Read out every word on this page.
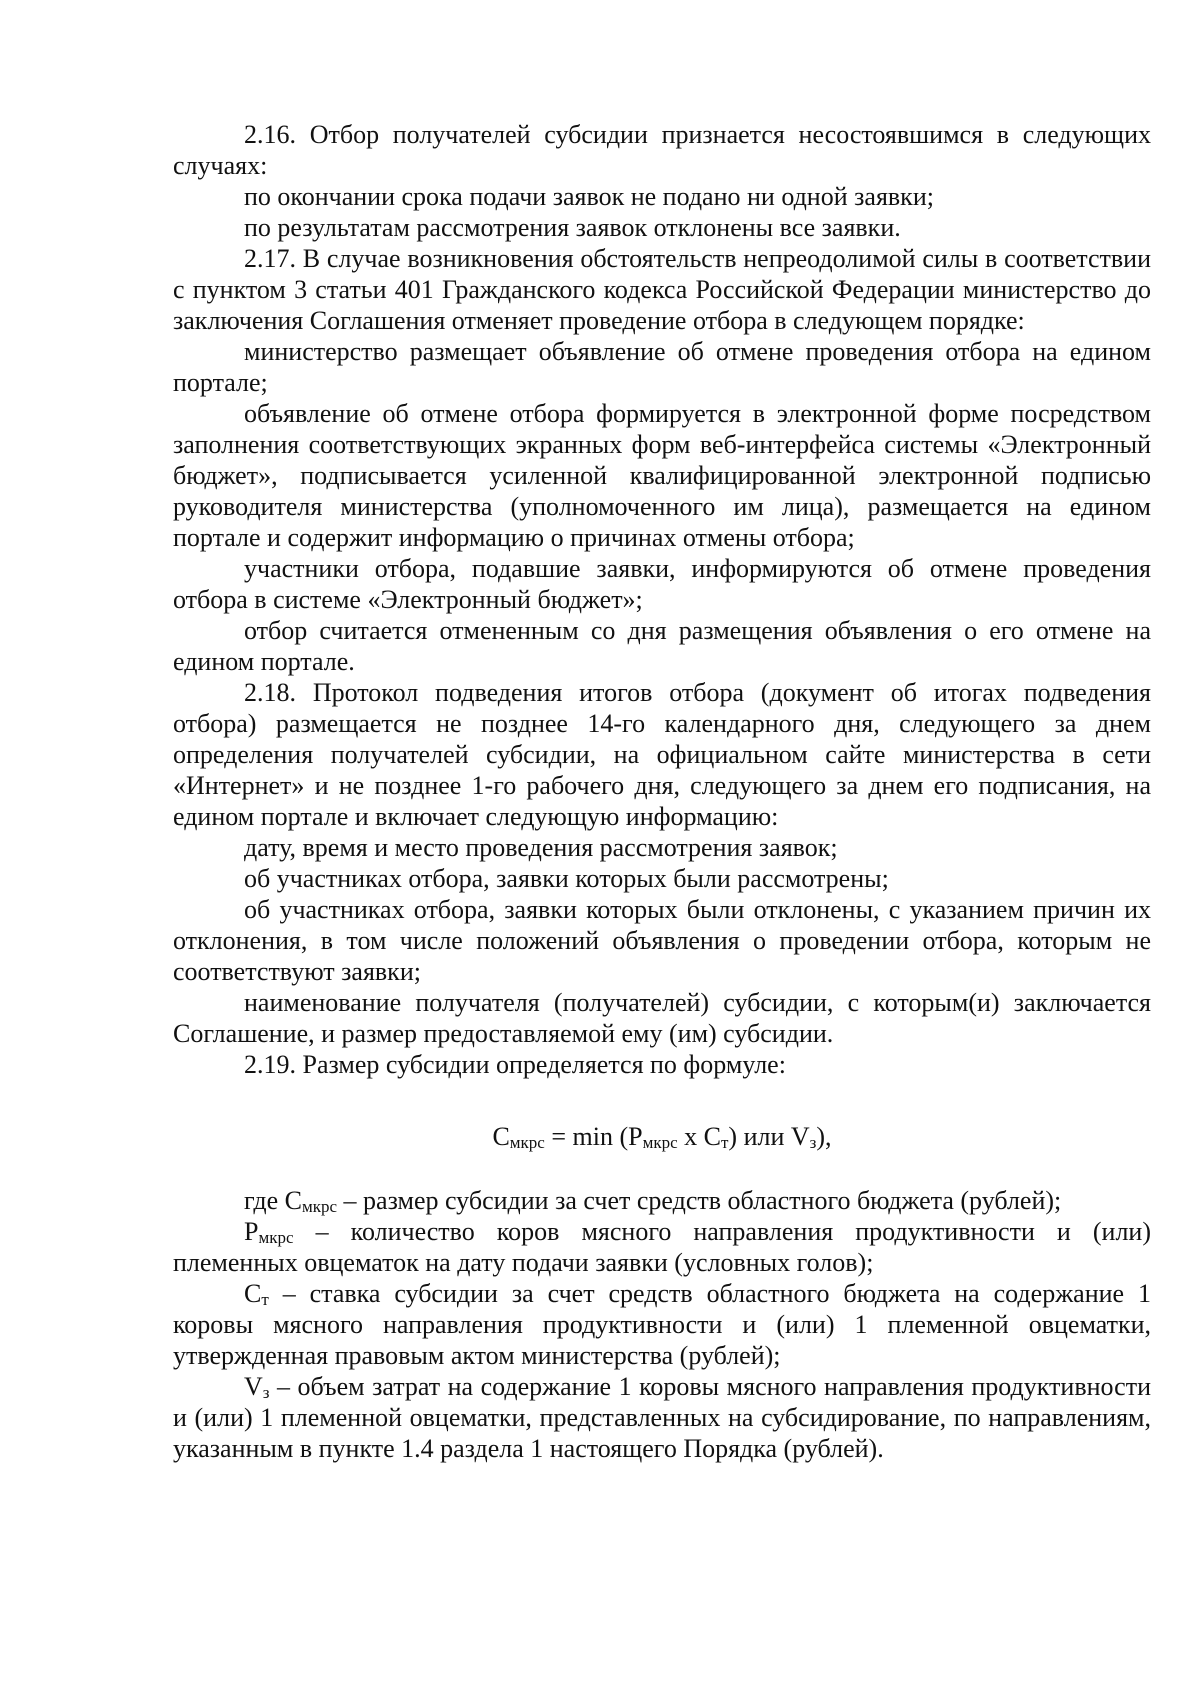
2.16. Отбор получателей субсидии признается несостоявшимся в следующих случаях:

по окончании срока подачи заявок не подано ни одной заявки;

по результатам рассмотрения заявок отклонены все заявки.

2.17. В случае возникновения обстоятельств непреодолимой силы в соответствии с пунктом 3 статьи 401 Гражданского кодекса Российской Федерации министерство до заключения Соглашения отменяет проведение отбора в следующем порядке:

министерство размещает объявление об отмене проведения отбора на едином портале;

объявление об отмене отбора формируется в электронной форме посредством заполнения соответствующих экранных форм веб-интерфейса системы «Электронный бюджет», подписывается усиленной квалифицированной электронной подписью руководителя министерства (уполномоченного им лица), размещается на едином портале и содержит информацию о причинах отмены отбора;

участники отбора, подавшие заявки, информируются об отмене проведения отбора в системе «Электронный бюджет»;

отбор считается отмененным со дня размещения объявления о его отмене на едином портале.

2.18. Протокол подведения итогов отбора (документ об итогах подведения отбора) размещается не позднее 14-го календарного дня, следующего за днем определения получателей субсидии, на официальном сайте министерства в сети «Интернет» и не позднее 1-го рабочего дня, следующего за днем его подписания, на едином портале и включает следующую информацию:

дату, время и место проведения рассмотрения заявок;

об участниках отбора, заявки которых были рассмотрены;

об участниках отбора, заявки которых были отклонены, с указанием причин их отклонения, в том числе положений объявления о проведении отбора, которым не соответствуют заявки;

наименование получателя (получателей) субсидии, с которым(и) заключается Соглашение, и размер предоставляемой ему (им) субсидии.

2.19. Размер субсидии определяется по формуле:

$С_{мкрс} = \min (Р_{мкрс}$ х $С_т$) или $V_з$),

где $С_{мкрс}$ – размер субсидии за счет средств областного бюджета (рублей);

$Р_{мкрс}$ – количество коров мясного направления продуктивности и (или) племенных овцематок на дату подачи заявки (условных голов);

$С_т$ – ставка субсидии за счет средств областного бюджета на содержание 1 коровы мясного направления продуктивности и (или) 1 племенной овцематки, утвержденная правовым актом министерства (рублей);

$V_з$ – объем затрат на содержание 1 коровы мясного направления продуктивности и (или) 1 племенной овцематки, представленных на субсидирование, по направлениям, указанным в пункте 1.4 раздела 1 настоящего Порядка (рублей).
